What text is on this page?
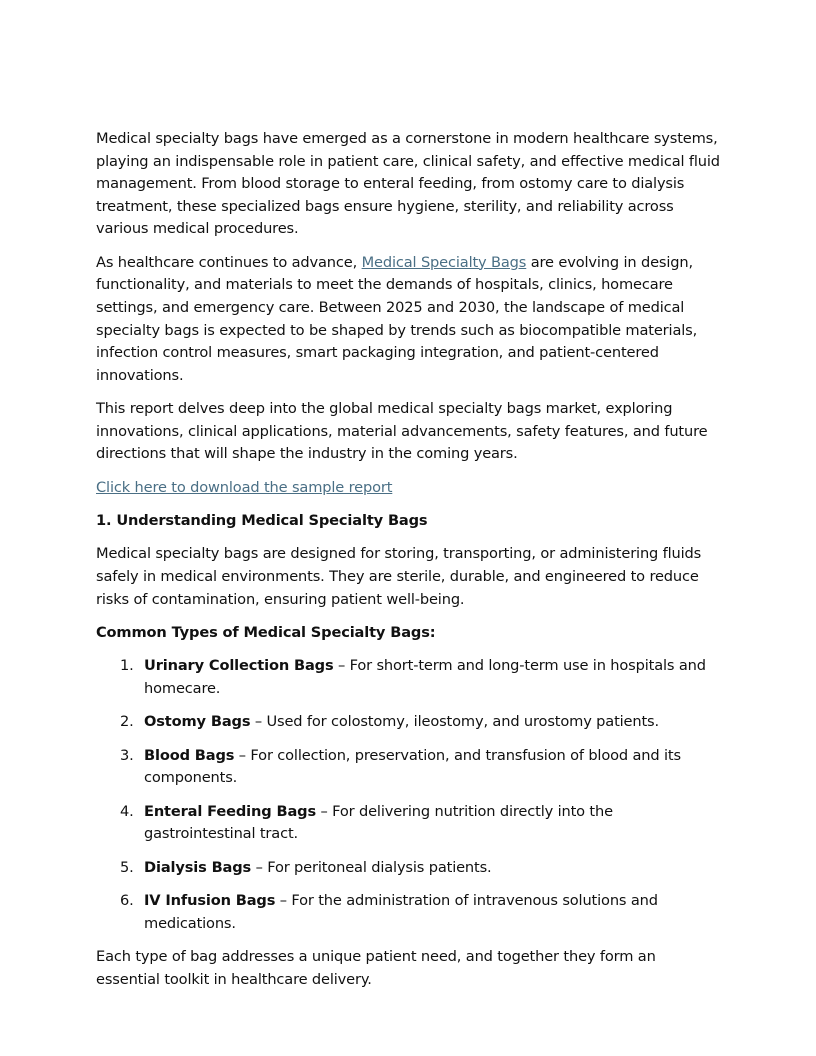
Medical specialty bags have emerged as a cornerstone in modern healthcare systems, playing an indispensable role in patient care, clinical safety, and effective medical fluid management. From blood storage to enteral feeding, from ostomy care to dialysis treatment, these specialized bags ensure hygiene, sterility, and reliability across various medical procedures.

As healthcare continues to advance, Medical Specialty Bags are evolving in design, functionality, and materials to meet the demands of hospitals, clinics, homecare settings, and emergency care. Between 2025 and 2030, the landscape of medical specialty bags is expected to be shaped by trends such as biocompatible materials, infection control measures, smart packaging integration, and patient-centered innovations.

This report delves deep into the global medical specialty bags market, exploring innovations, clinical applications, material advancements, safety features, and future directions that will shape the industry in the coming years.

Click here to download the sample report

1. Understanding Medical Specialty Bags

Medical specialty bags are designed for storing, transporting, or administering fluids safely in medical environments. They are sterile, durable, and engineered to reduce risks of contamination, ensuring patient well-being.

Common Types of Medical Specialty Bags:

1. Urinary Collection Bags – For short-term and long-term use in hospitals and homecare.
2. Ostomy Bags – Used for colostomy, ileostomy, and urostomy patients.
3. Blood Bags – For collection, preservation, and transfusion of blood and its components.
4. Enteral Feeding Bags – For delivering nutrition directly into the gastrointestinal tract.
5. Dialysis Bags – For peritoneal dialysis patients.
6. IV Infusion Bags – For the administration of intravenous solutions and medications.

Each type of bag addresses a unique patient need, and together they form an essential toolkit in healthcare delivery.
